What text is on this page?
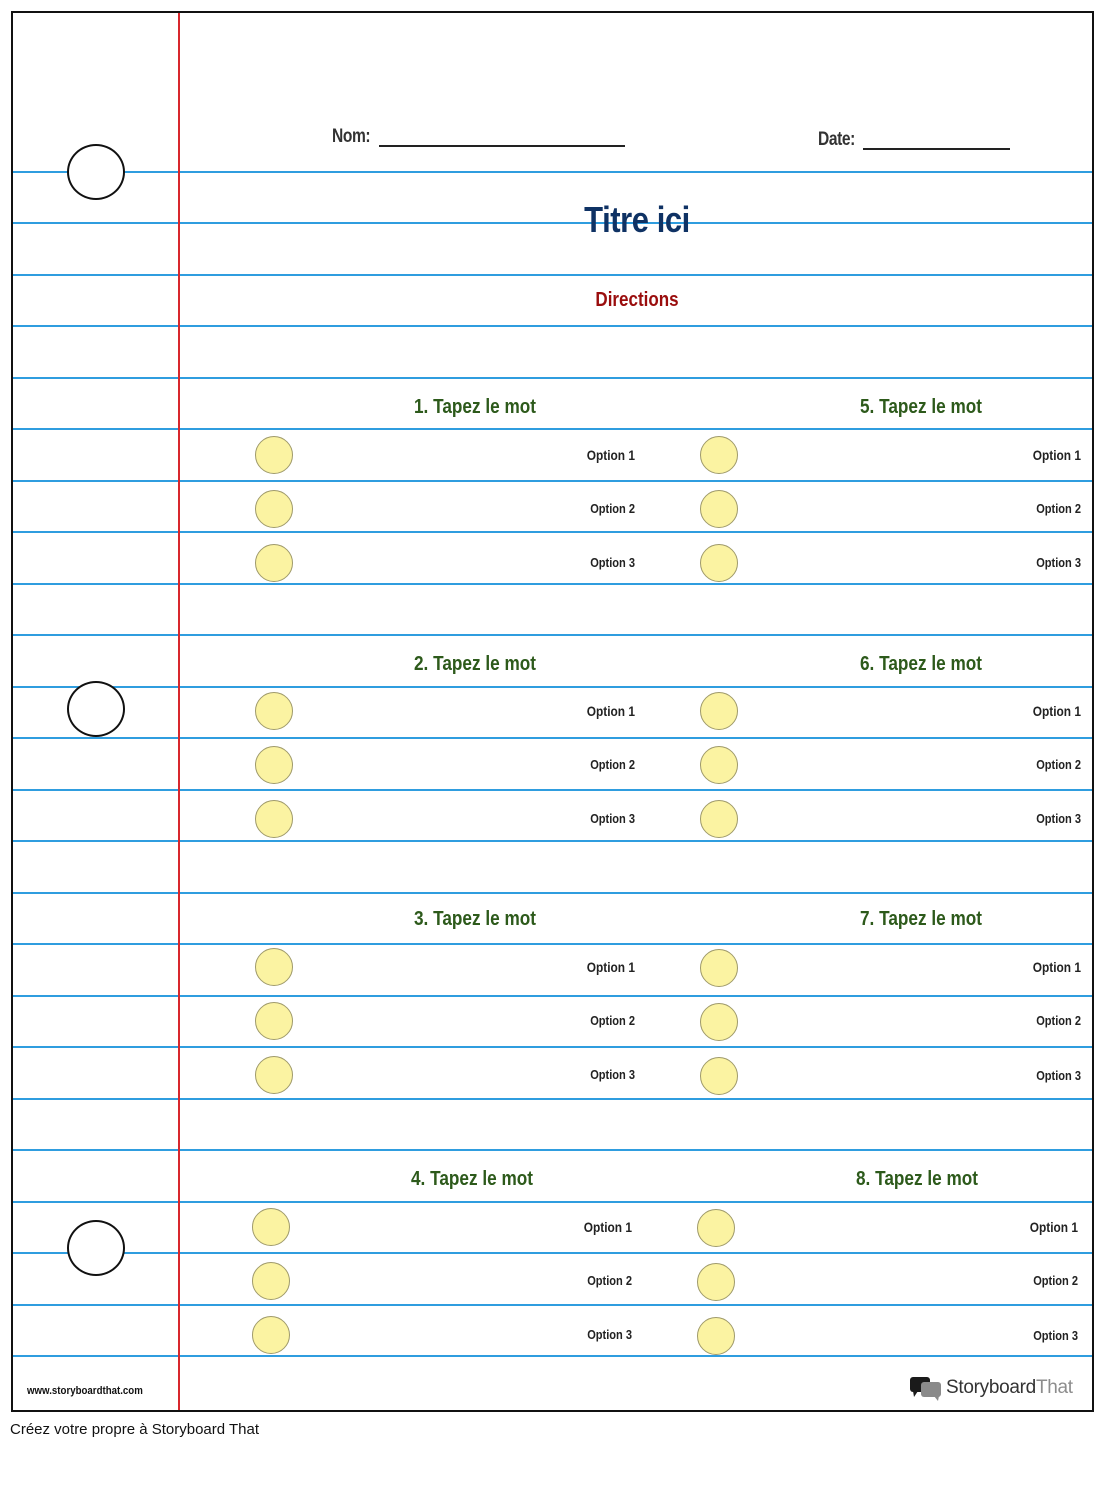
Nom:	Date:
Titre ici
Directions
1. Tapez le mot
Option 1
Option 2
Option 3
2. Tapez le mot
Option 1
Option 2
Option 3
3. Tapez le mot
Option 1
Option 2
Option 3
4. Tapez le mot
Option 1
Option 2
Option 3
5. Tapez le mot
Option 1
Option 2
Option 3
6. Tapez le mot
Option 1
Option 2
Option 3
7. Tapez le mot
Option 1
Option 2
Option 3
8. Tapez le mot
Option 1
Option 2
Option 3
www.storyboardthat.com	Storyboard That
Créez votre propre à Storyboard That
